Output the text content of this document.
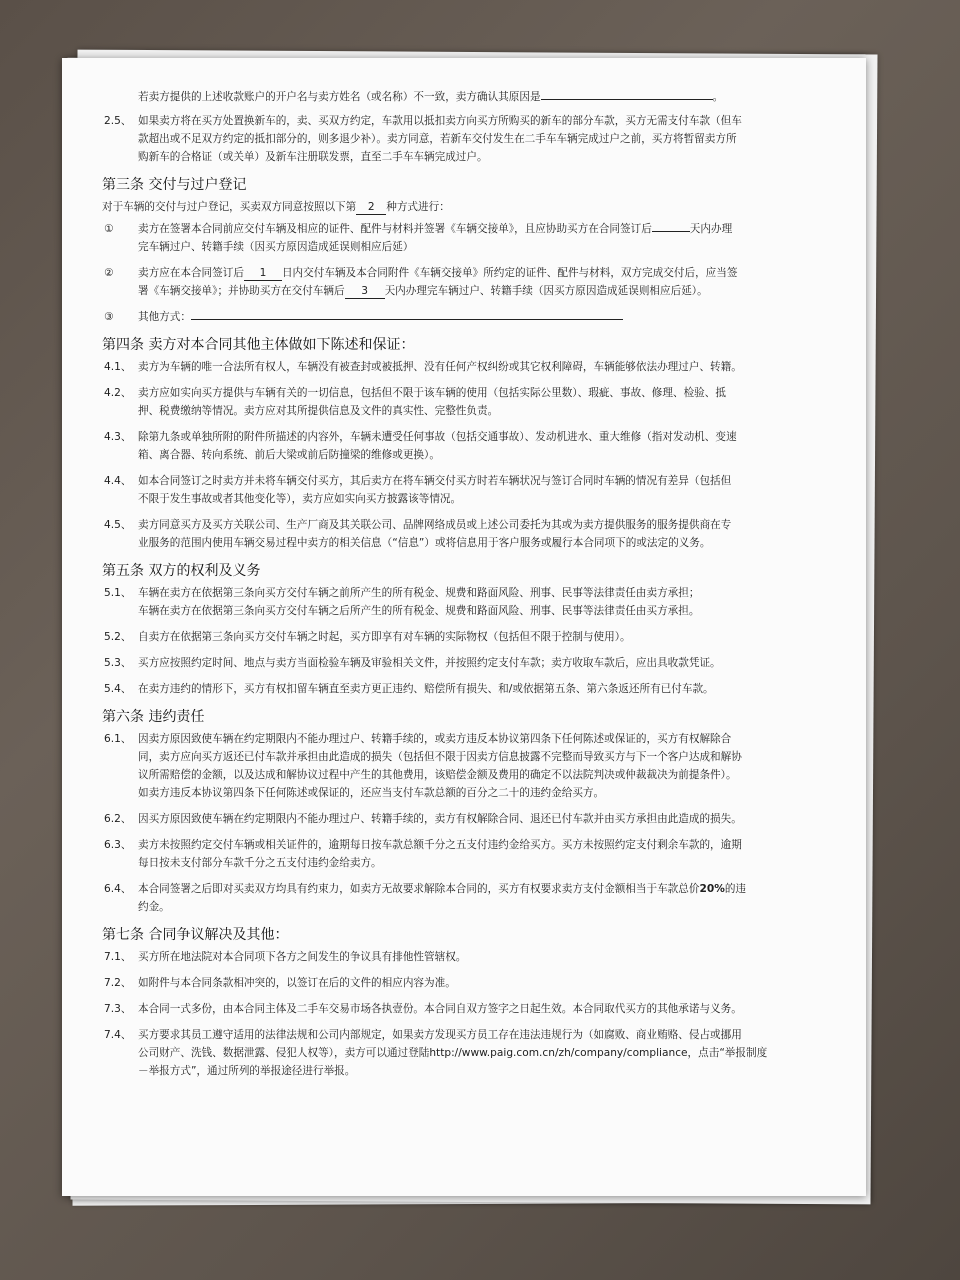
若卖方提供的上述收款账户的开户名与卖方姓名（或名称）不一致，卖方确认其原因是	。

2.5、 如果卖方将在买方处置换新车的，卖、买双方约定，车款用以抵扣卖方向买方所购买的新车的部分车款，买方无需支付车款（但车

款超出或不足双方约定的抵扣部分的，则多退少补）。卖方同意，若新车交付发生在二手车车辆完成过户之前，买方将暂留卖方所

购新车的合格证（或关单）及新车注册联发票，直至二手车车辆完成过户。

第三条 交付与过户登记

对于车辆的交付与过户登记，买卖双方同意按照以下第 2 种方式进行：

①	卖方在签署本合同前应交付车辆及相应的证件、配件与材料并签署《车辆交接单》，且应协助买方在合同签订后	天内办理

完车辆过户、转籍手续（因买方原因造成延误则相应后延）

②	卖方应在本合同签订后 1 日内交付车辆及本合同附件《车辆交接单》所约定的证件、配件与材料，双方完成交付后，应当签

署《车辆交接单》；并协助买方在交付车辆后 3 天内办理完车辆过户、转籍手续（因买方原因造成延误则相应后延）。

③	其他方式：

第四条 卖方对本合同其他主体做如下陈述和保证：

4.1、 卖方为车辆的唯一合法所有权人，车辆没有被查封或被抵押、没有任何产权纠纷或其它权利障碍，车辆能够依法办理过户、转籍。

4.2、 卖方应如实向买方提供与车辆有关的一切信息，包括但不限于该车辆的使用（包括实际公里数）、瑕疵、事故、修理、检验、抵

押、税费缴纳等情况。卖方应对其所提供信息及文件的真实性、完整性负责。

4.3、 除第九条或单独所附的附件所描述的内容外，车辆未遭受任何事故（包括交通事故）、发动机进水、重大维修（指对发动机、变速

箱、离合器、转向系统、前后大梁或前后防撞梁的维修或更换）。

4.4、 如本合同签订之时卖方并未将车辆交付买方，其后卖方在将车辆交付买方时若车辆状况与签订合同时车辆的情况有差异（包括但

不限于发生事故或者其他变化等），卖方应如实向买方披露该等情况。

4.5、 卖方同意买方及买方关联公司、生产厂商及其关联公司、品牌网络成员或上述公司委托为其或为卖方提供服务的服务提供商在专

业服务的范围内使用车辆交易过程中卖方的相关信息（“信息”）或将信息用于客户服务或履行本合同项下的或法定的义务。

第五条 双方的权利及义务

5.1、 车辆在卖方在依据第三条向买方交付车辆之前所产生的所有税金、规费和路面风险、刑事、民事等法律责任由卖方承担；

车辆在卖方在依据第三条向买方交付车辆之后所产生的所有税金、规费和路面风险、刑事、民事等法律责任由买方承担。

5.2、 自卖方在依据第三条向买方交付车辆之时起，买方即享有对车辆的实际物权（包括但不限于控制与使用）。

5.3、 买方应按照约定时间、地点与卖方当面检验车辆及审验相关文件，并按照约定支付车款；卖方收取车款后，应出具收款凭证。

5.4、 在卖方违约的情形下，买方有权扣留车辆直至卖方更正违约、赔偿所有损失、和/或依据第五条、第六条返还所有已付车款。

第六条 违约责任

6.1、 因卖方原因致使车辆在约定期限内不能办理过户、转籍手续的，或卖方违反本协议第四条下任何陈述或保证的，买方有权解除合

同，卖方应向买方返还已付车款并承担由此造成的损失（包括但不限于因卖方信息披露不完整而导致买方与下一个客户达成和解协

议所需赔偿的金额，以及达成和解协议过程中产生的其他费用，该赔偿金额及费用的确定不以法院判决或仲裁裁决为前提条件）。

如卖方违反本协议第四条下任何陈述或保证的，还应当支付车款总额的百分之二十的违约金给买方。

6.2、 因买方原因致使车辆在约定期限内不能办理过户、转籍手续的，卖方有权解除合同、退还已付车款并由买方承担由此造成的损失。

6.3、 卖方未按照约定交付车辆或相关证件的，逾期每日按车款总额千分之五支付违约金给买方。买方未按照约定支付剩余车款的，逾期

每日按未支付部分车款千分之五支付违约金给卖方。

6.4、 本合同签署之后即对买卖双方均具有约束力，如卖方无故要求解除本合同的，买方有权要求卖方支付金额相当于车款总价20%的违

约金。

第七条 合同争议解决及其他：

7.1、 买方所在地法院对本合同项下各方之间发生的争议具有排他性管辖权。

7.2、 如附件与本合同条款相冲突的，以签订在后的文件的相应内容为准。

7.3、 本合同一式多份，由本合同主体及二手车交易市场各执壹份。本合同自双方签字之日起生效。本合同取代买方的其他承诺与义务。

7.4、 买方要求其员工遵守适用的法律法规和公司内部规定，如果卖方发现买方员工存在违法违规行为（如腐败、商业贿赂、侵占或挪用

公司财产、洗钱、数据泄露、侵犯人权等），卖方可以通过登陆http://www.paig.com.cn/zh/company/compliance，点击“举报制度

－举报方式”，通过所列的举报途径进行举报。
